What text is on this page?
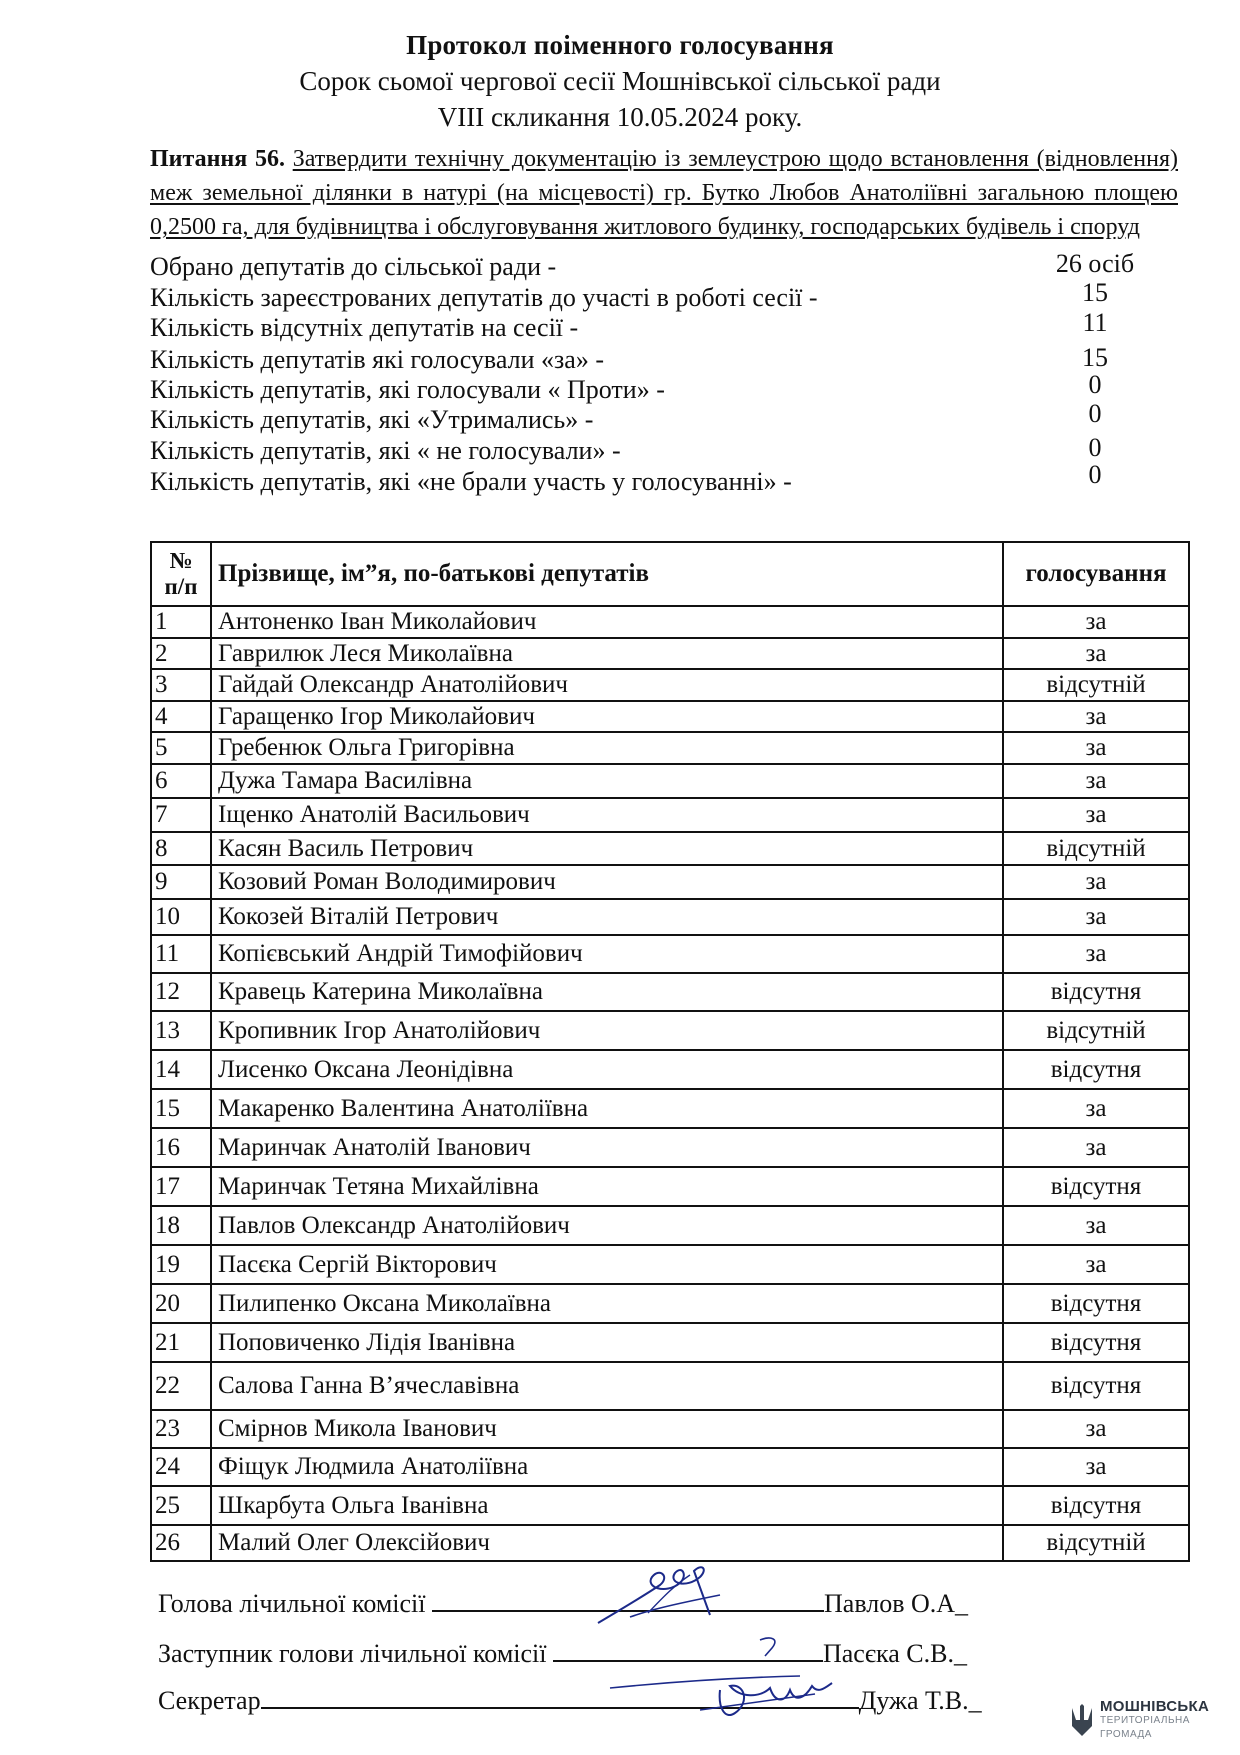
Протокол поіменного голосування
Сорок сьомої чергової сесії Мошнівської сільської ради
VIII скликання 10.05.2024 року.
Питання 56. Затвердити технічну документацію із землеустрою щодо встановлення (відновлення) меж земельної ділянки в натурі (на місцевості) гр. Бутко Любов Анатоліївні загальною площею 0,2500 га, для будівництва і обслуговування житлового будинку, господарських будівель і споруд
Обрано депутатів до сільської ради -	26 осіб
Кількість зареєстрованих депутатів до участі в роботі сесії -	15
Кількість відсутніх депутатів на сесії -	11
Кількість депутатів які голосували «за» -	15
Кількість депутатів, які голосували « Проти» -	0
Кількість депутатів, які «Утримались» -	0
Кількість депутатів, які « не голосували» -	0
Кількість депутатів, які «не брали участь у голосуванні» -	0
№
п/п	Прізвище, ім”я, по-батькові депутатів	голосування
1	Антоненко Іван Миколайович	за
2	Гаврилюк Леся Миколаївна	за
3	Гайдай Олександр Анатолійович	відсутній
4	Гаращенко Ігор Миколайович	за
5	Гребенюк Ольга Григорівна	за
6	Дужа Тамара Василівна	за
7	Іщенко Анатолій Васильович	за
8	Касян Василь Петрович	відсутній
9	Козовий Роман Володимирович	за
10	Кокозей Віталій Петрович	за
11	Копієвський Андрій Тимофійович	за
12	Кравець Катерина Миколаївна	відсутня
13	Кропивник Ігор Анатолійович	відсутній
14	Лисенко Оксана Леонідівна	відсутня
15	Макаренко Валентина Анатоліївна	за
16	Маринчак Анатолій Іванович	за
17	Маринчак Тетяна Михайлівна	відсутня
18	Павлов Олександр Анатолійович	за
19	Пасєка Сергій Вікторович	за
20	Пилипенко Оксана Миколаївна	відсутня
21	Поповиченко Лідія Іванівна	відсутня
22	Салова Ганна В’ячеславівна	відсутня
23	Смірнов Микола Іванович	за
24	Фіщук Людмила Анатоліївна	за
25	Шкарбута Ольга Іванівна	відсутня
26	Малий Олег Олексійович	відсутній
Голова лічильної комісії	Павлов О.А_
Заступник голови лічильної комісії	Пасєка С.В._
Секретар	Дужа Т.В._	МОШНІВСЬКА
ТЕРИТОРІАЛЬНА
ГРОМАДА
